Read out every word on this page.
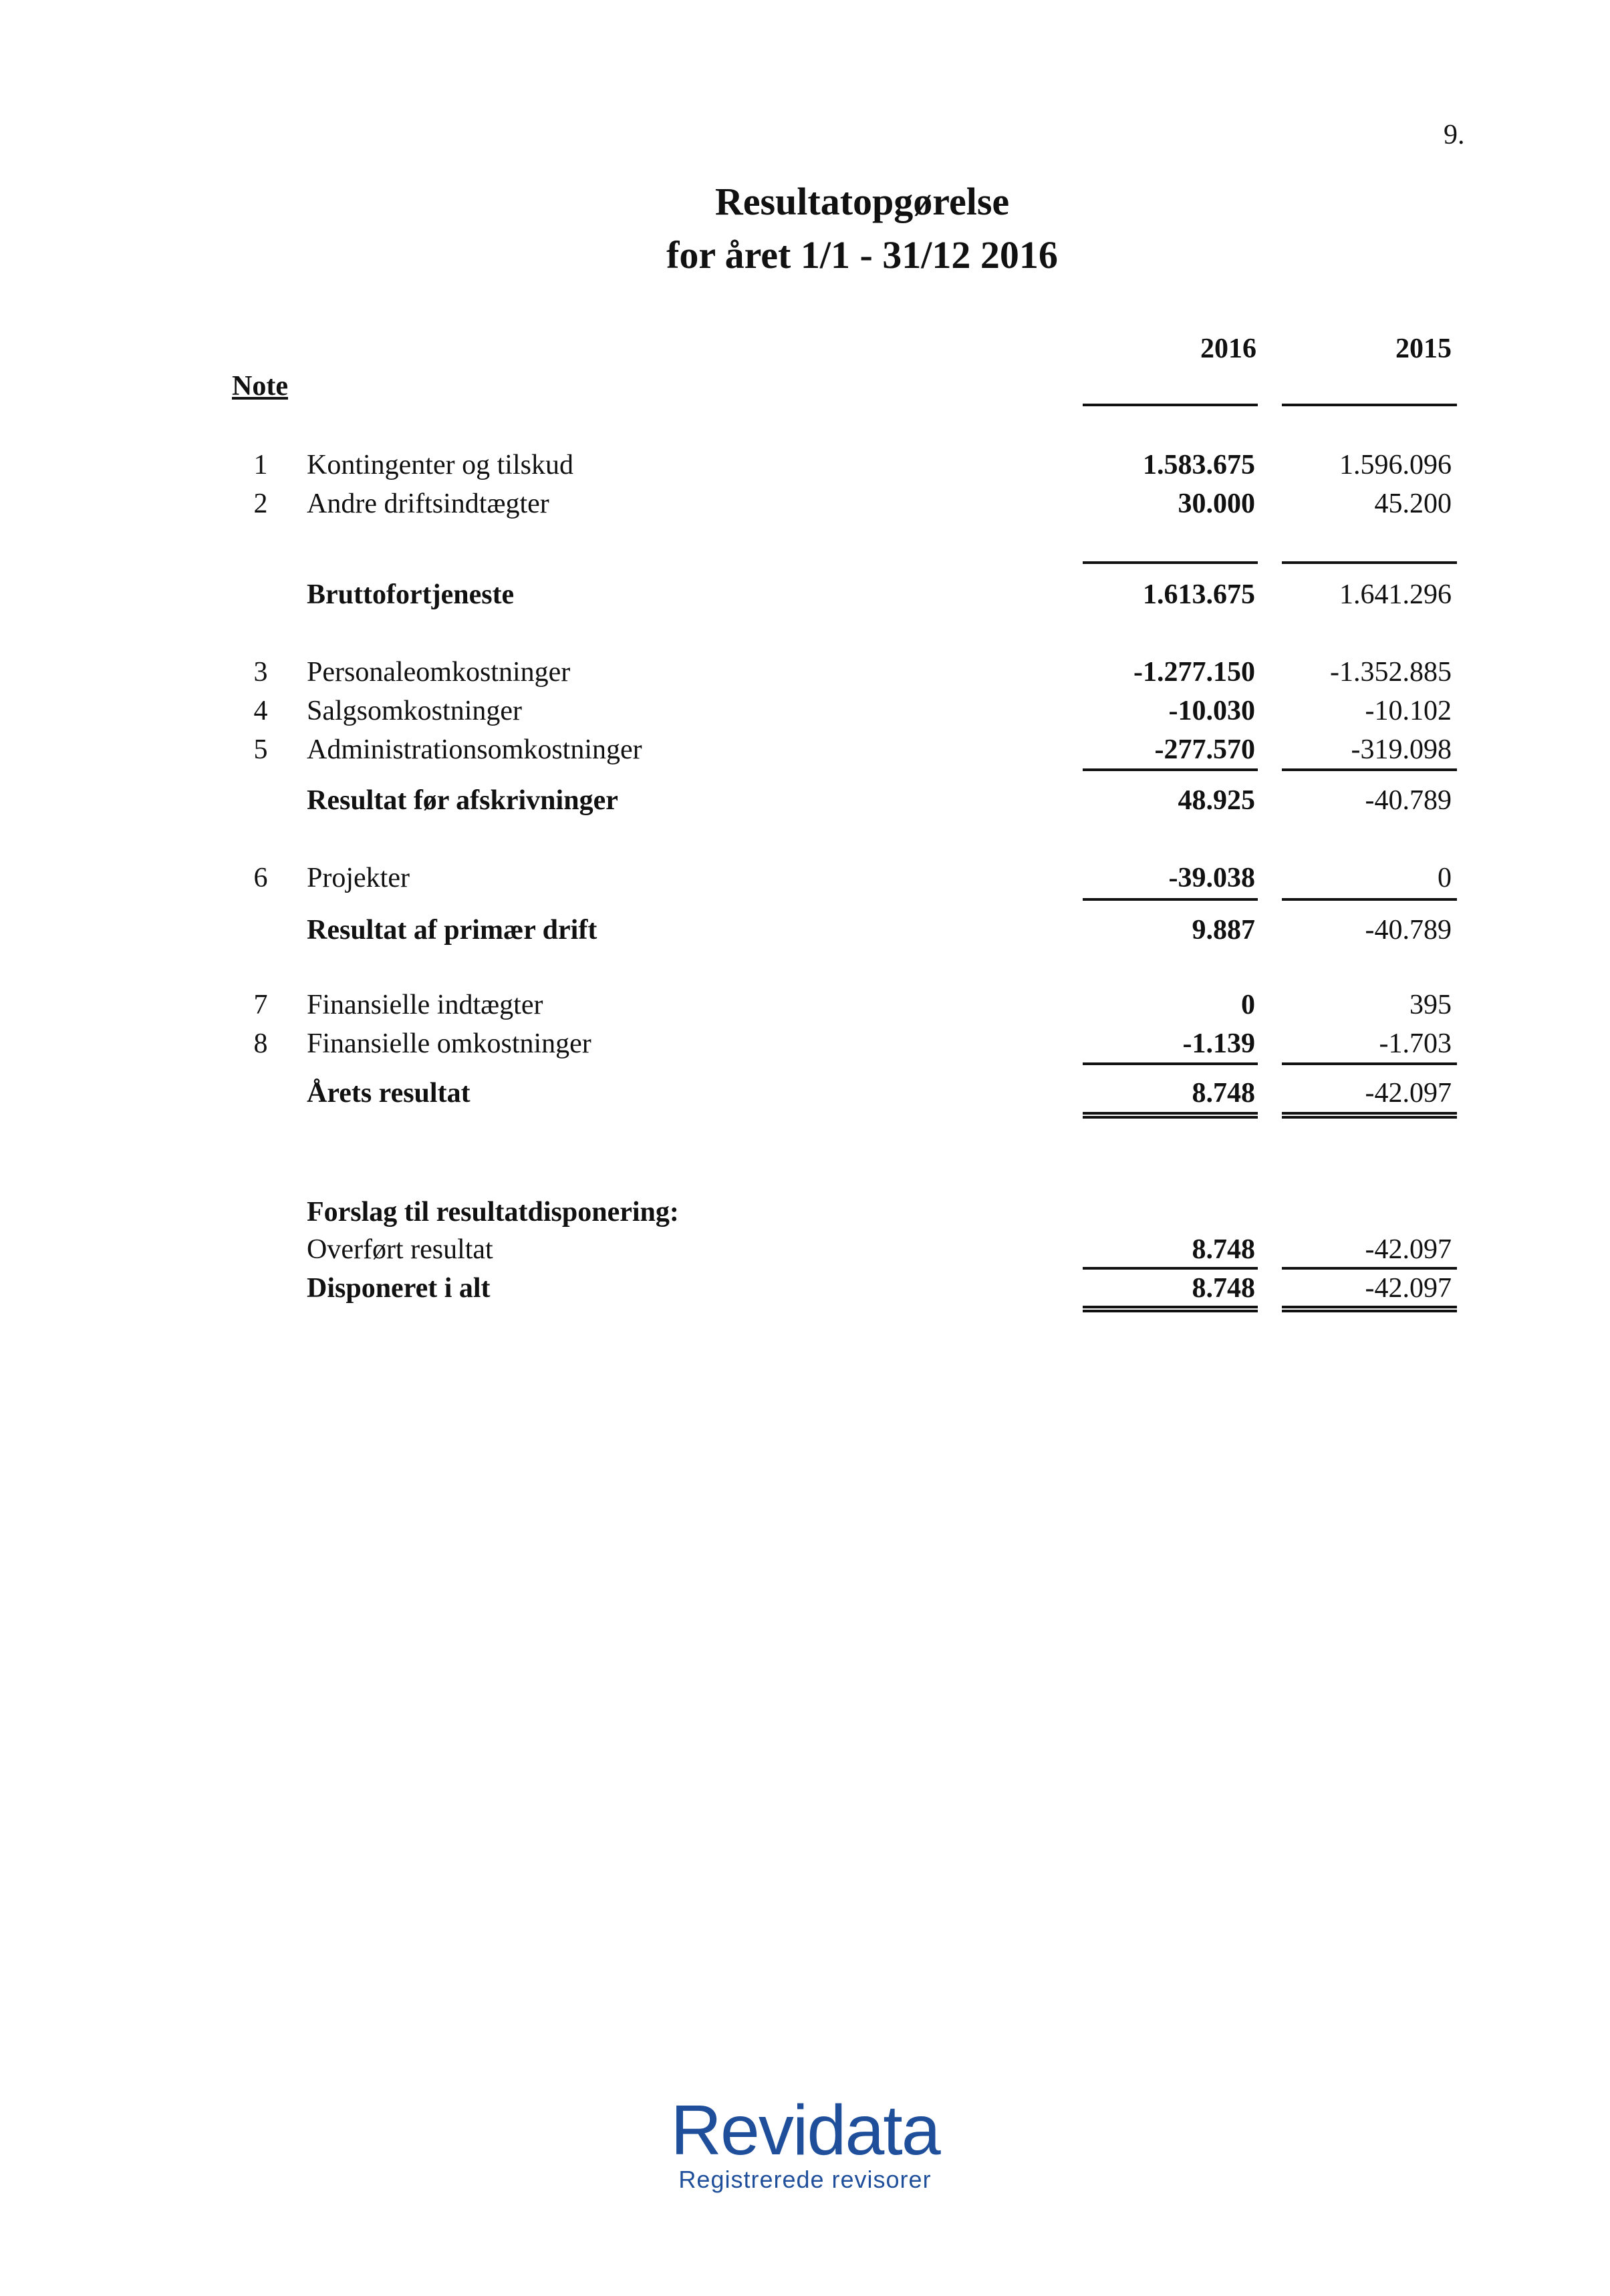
9.
Resultatopgørelse
for året 1/1 - 31/12 2016
2016	2015
Note
1 Kontingenter og tilskud	1.583.675	1.596.096
2 Andre driftsindtægter	30.000	45.200
Bruttofortjeneste	1.613.675	1.641.296
3 Personaleomkostninger	-1.277.150	-1.352.885
4 Salgsomkostninger	-10.030	-10.102
5 Administrationsomkostninger	-277.570	-319.098
Resultat før afskrivninger	48.925	-40.789
6 Projekter	-39.038	0
Resultat af primær drift	9.887	-40.789
7 Finansielle indtægter	0	395
8 Finansielle omkostninger	-1.139	-1.703
Årets resultat	8.748	-42.097
Forslag til resultatdisponering:
Overført resultat	8.748	-42.097
Disponeret i alt	8.748	-42.097
Revidata
Registrerede revisorer
